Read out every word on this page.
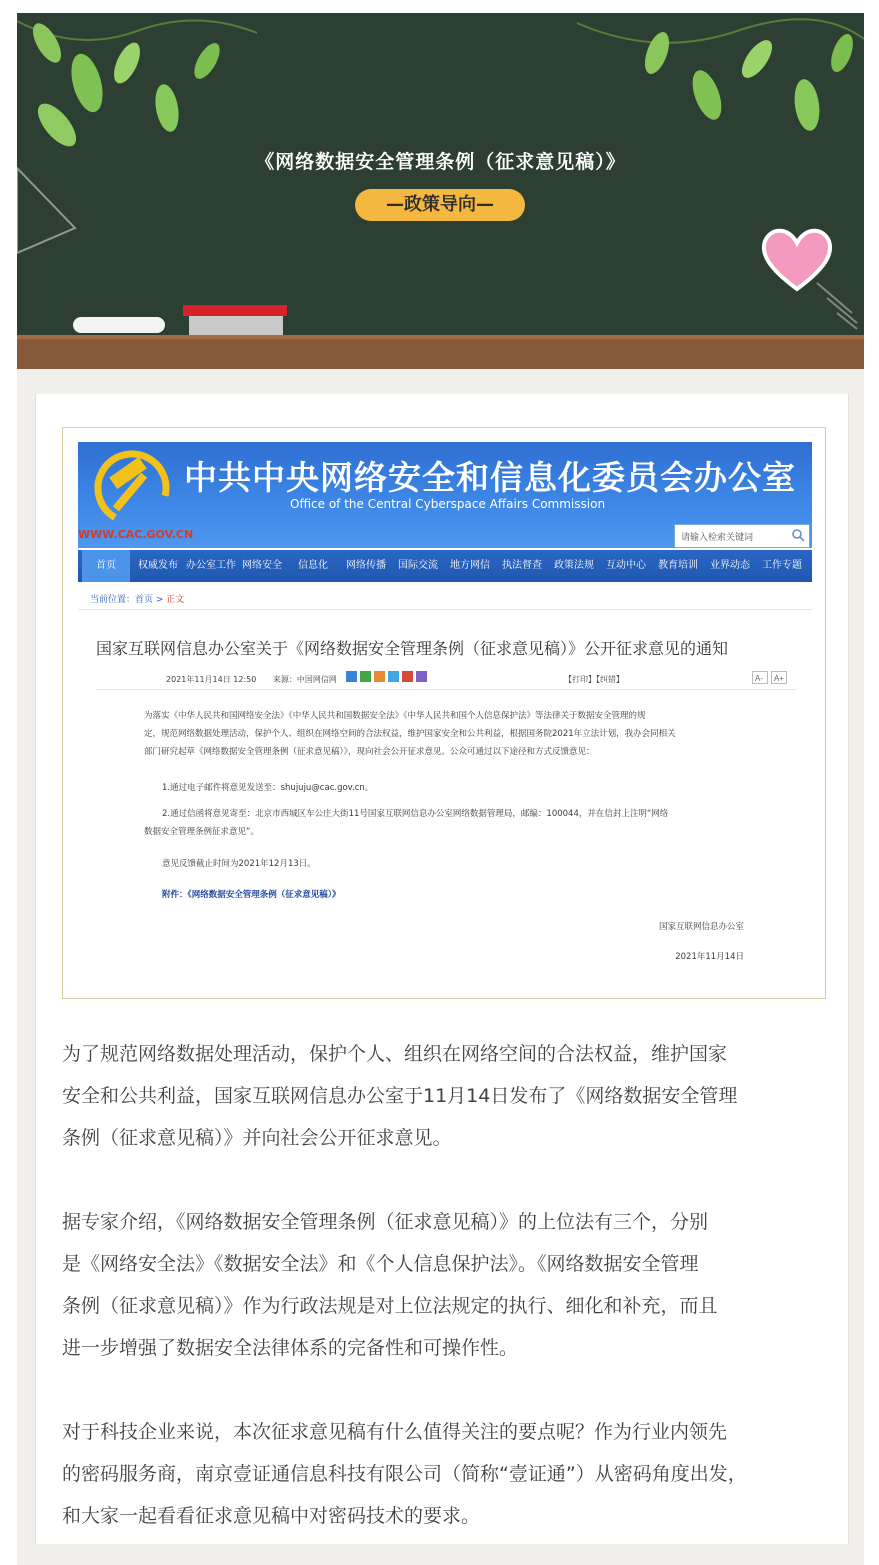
《网络数据安全管理条例（征求意见稿）》
—政策导向—
中共中央网络安全和信息化委员会办公室
Office of the Central Cyberspace Affairs Commission
WWW.CAC.GOV.CN	请输入检索关键词
首页	权威发布 办公室工作 网络安全 信息化 网络传播 国际交流 地方网信 执法督查 政策法规 互动中心 教育培训 业界动态 工作专题
当前位置：首页 > 正文
国家互联网信息办公室关于《网络数据安全管理条例（征求意见稿）》公开征求意见的通知
2021年11月14日 12:50 来源：中国网信网	【打印】【纠错】	A- A+
为落实《中华人民共和国网络安全法》《中华人民共和国数据安全法》《中华人民共和国个人信息保护法》等法律关于数据安全管理的规
定，规范网络数据处理活动，保护个人、组织在网络空间的合法权益，维护国家安全和公共利益，根据国务院2021年立法计划，我办会同相关
部门研究起草《网络数据安全管理条例（征求意见稿）》，现向社会公开征求意见。公众可通过以下途径和方式反馈意见：
1.通过电子邮件将意见发送至：shujuju@cac.gov.cn。
2.通过信函将意见寄至：北京市西城区车公庄大街11号国家互联网信息办公室网络数据管理局，邮编：100044，并在信封上注明“网络
数据安全管理条例征求意见”。
意见反馈截止时间为2021年12月13日。
附件：《网络数据安全管理条例（征求意见稿）》
国家互联网信息办公室
2021年11月14日
为了规范网络数据处理活动，保护个人、组织在网络空间的合法权益，维护国家
安全和公共利益，国家互联网信息办公室于11月14日发布了《网络数据安全管理
条例（征求意见稿）》并向社会公开征求意见。
据专家介绍，《网络数据安全管理条例（征求意见稿）》的上位法有三个，分别
是《网络安全法》《数据安全法》和《个人信息保护法》。《网络数据安全管理
条例（征求意见稿）》作为行政法规是对上位法规定的执行、细化和补充，而且
进一步增强了数据安全法律体系的完备性和可操作性。
对于科技企业来说，本次征求意见稿有什么值得关注的要点呢？作为行业内领先
的密码服务商，南京壹证通信息科技有限公司（简称“壹证通”）从密码角度出发，
和大家一起看看征求意见稿中对密码技术的要求。
